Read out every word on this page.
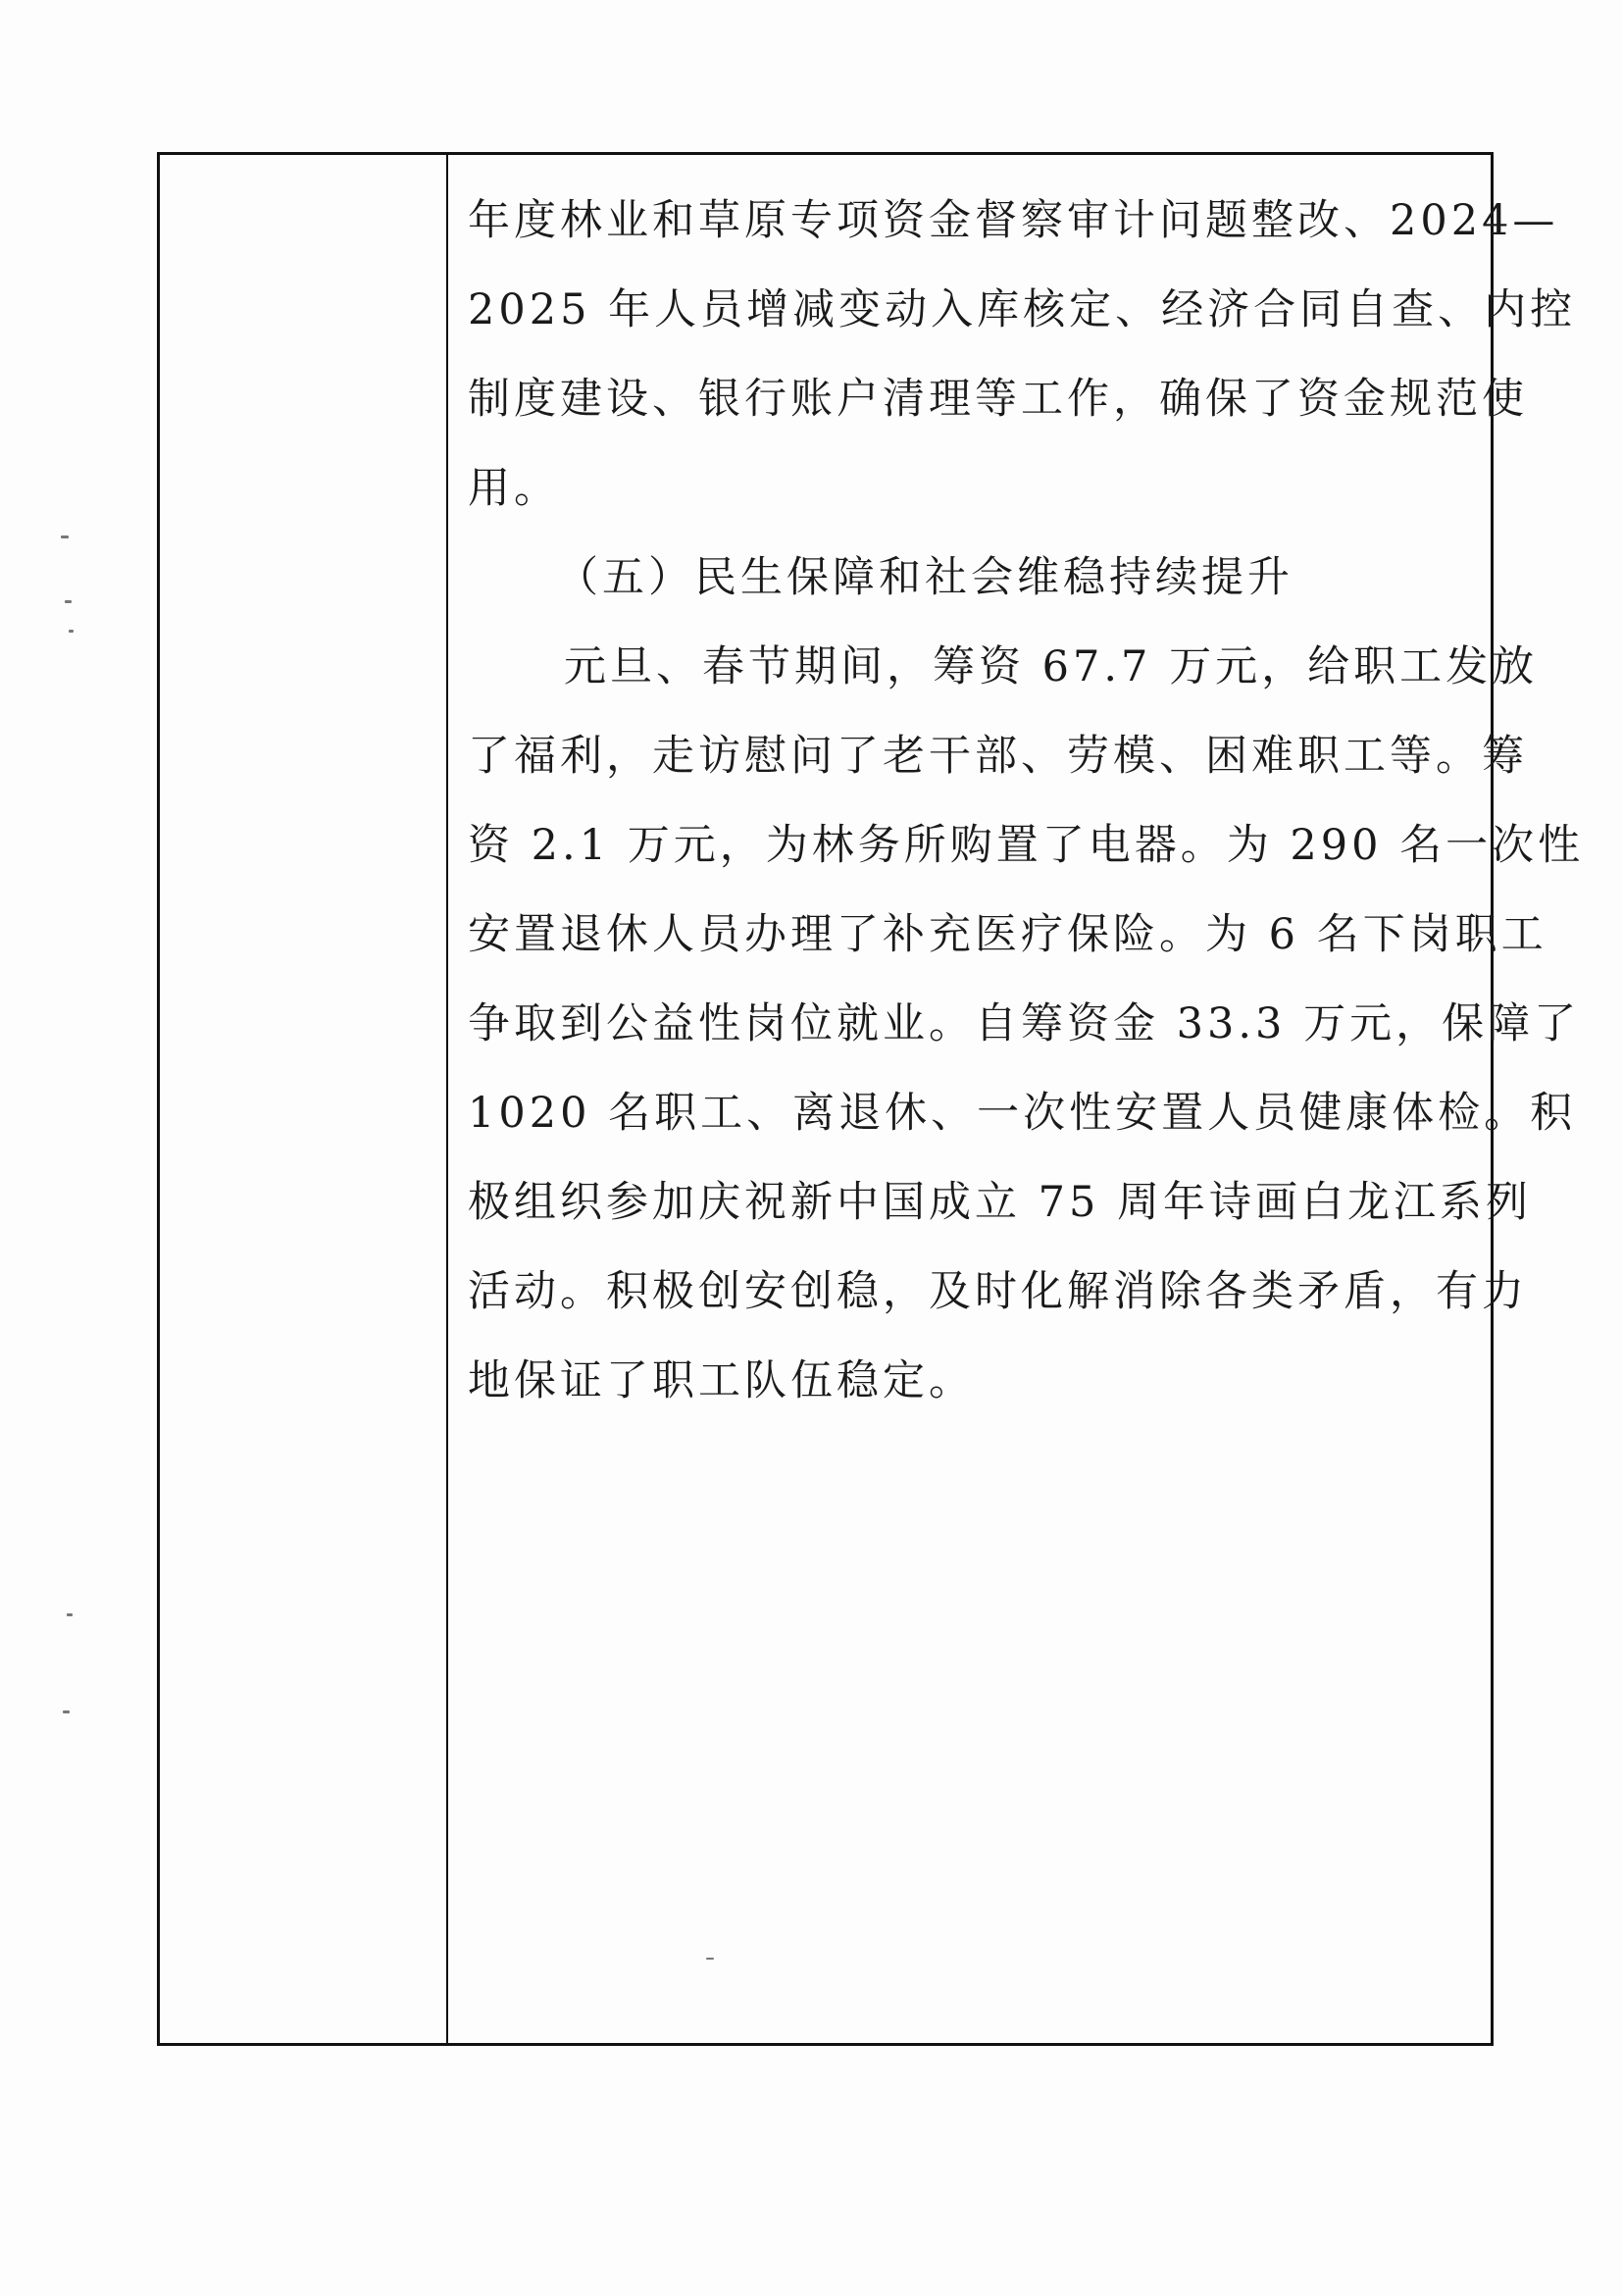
年度林业和草原专项资金督察审计问题整改、2024—
2025 年人员增减变动入库核定、经济合同自查、内控
制度建设、银行账户清理等工作，确保了资金规范使
用。
（五）民生保障和社会维稳持续提升
元旦、春节期间，筹资 67.7 万元，给职工发放
了福利，走访慰问了老干部、劳模、困难职工等。筹
资 2.1 万元，为林务所购置了电器。为 290 名一次性
安置退休人员办理了补充医疗保险。为 6 名下岗职工
争取到公益性岗位就业。自筹资金 33.3 万元，保障了
1020 名职工、离退休、一次性安置人员健康体检。积
极组织参加庆祝新中国成立 75 周年诗画白龙江系列
活动。积极创安创稳，及时化解消除各类矛盾，有力
地保证了职工队伍稳定。
